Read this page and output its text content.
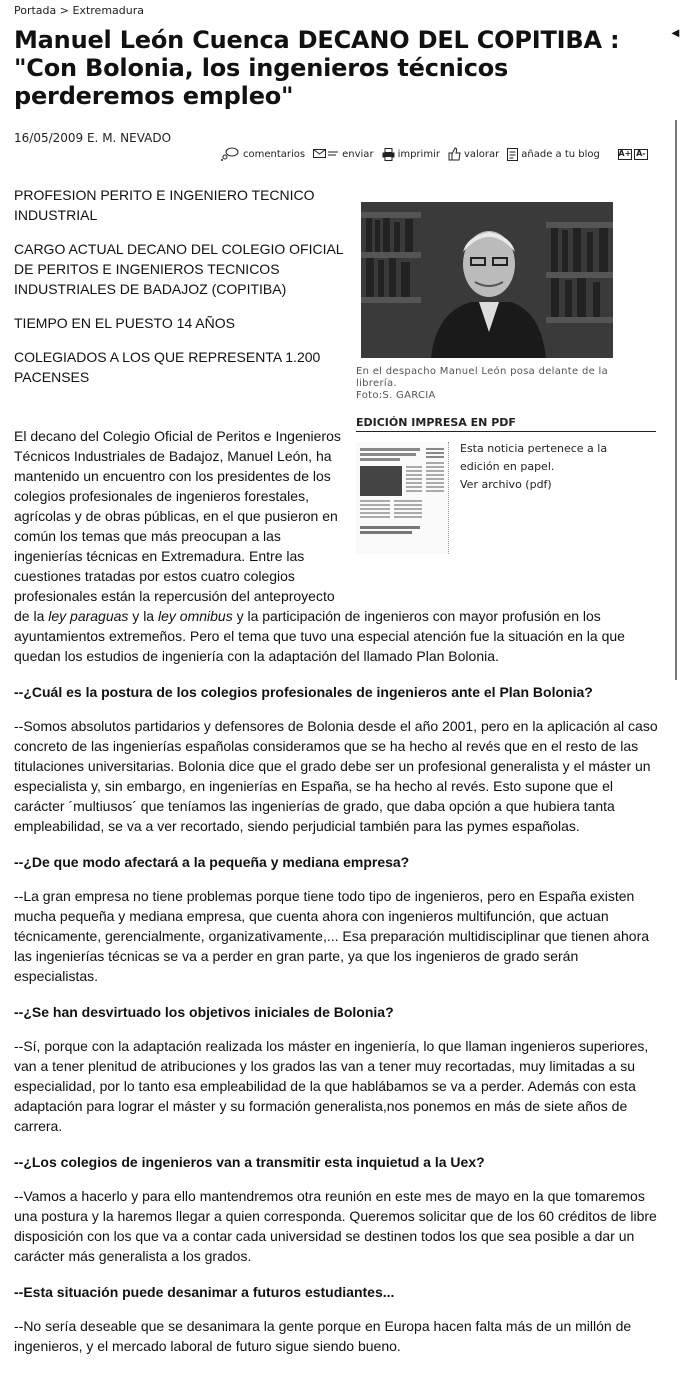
Portada > Extremadura
◂
Manuel León Cuenca DECANO DEL COPITIBA : "Con Bolonia, los ingenieros técnicos perderemos empleo"
16/05/2009 E. M. NEVADO
comentarios	enviar imprimir valorar añade a tu blog A+ A-

PROFESION PERITO E INGENIERO TECNICO INDUSTRIAL

CARGO ACTUAL DECANO DEL COLEGIO OFICIAL DE PERITOS E INGENIEROS TECNICOS INDUSTRIALES DE BADAJOZ (COPITIBA)

TIEMPO EN EL PUESTO 14 AÑOS

COLEGIADOS A LOS QUE REPRESENTA 1.200 PACENSES	En el despacho Manuel León posa delante de la
librería.
Foto:S. GARCIA
EDICIÓN IMPRESA EN PDF
Esta noticia pertenece a la
edición en papel.
Ver archivo (pdf)

El decano del Colegio Oficial de Peritos e Ingenieros Técnicos Industriales de Badajoz, Manuel León, ha mantenido un encuentro con los presidentes de los colegios profesionales de ingenieros forestales, agrícolas y de obras públicas, en el que pusieron en común los temas que más preocupan a las ingenierías técnicas en Extremadura. Entre las cuestiones tratadas por estos cuatro colegios profesionales están la repercusión del anteproyecto de la ley paraguas y la ley omnibus y la participación de ingenieros con mayor profusión en los ayuntamientos extremeños. Pero el tema que tuvo una especial atención fue la situación en la que quedan los estudios de ingeniería con la adaptación del llamado Plan Bolonia.

--¿Cuál es la postura de los colegios profesionales de ingenieros ante el Plan Bolonia?

--Somos absolutos partidarios y defensores de Bolonia desde el año 2001, pero en la aplicación al caso concreto de las ingenierías españolas consideramos que se ha hecho al revés que en el resto de las titulaciones universitarias. Bolonia dice que el grado debe ser un profesional generalista y el máster un especialista y, sin embargo, en ingenierías en España, se ha hecho al revés. Esto supone que el carácter ´multiusos´ que teníamos las ingenierías de grado, que daba opción a que hubiera tanta empleabilidad, se va a ver recortado, siendo perjudicial también para las pymes españolas.

--¿De que modo afectará a la pequeña y mediana empresa?

--La gran empresa no tiene problemas porque tiene todo tipo de ingenieros, pero en España existen mucha pequeña y mediana empresa, que cuenta ahora con ingenieros multifunción, que actuan técnicamente, gerencialmente, organizativamente,... Esa preparación multidisciplinar que tienen ahora las ingenierías técnicas se va a perder en gran parte, ya que los ingenieros de grado serán especialistas.

--¿Se han desvirtuado los objetivos iniciales de Bolonia?

--Sí, porque con la adaptación realizada los máster en ingeniería, lo que llaman ingenieros superiores, van a tener plenitud de atribuciones y los grados las van a tener muy recortadas, muy limitadas a su especialidad, por lo tanto esa empleabilidad de la que hablábamos se va a perder. Además con esta adaptación para lograr el máster y su formación generalista,nos ponemos en más de siete años de carrera.

--¿Los colegios de ingenieros van a transmitir esta inquietud a la Uex?

--Vamos a hacerlo y para ello mantendremos otra reunión en este mes de mayo en la que tomaremos una postura y la haremos llegar a quien corresponda. Queremos solicitar que de los 60 créditos de libre disposición con los que va a contar cada universidad se destinen todos los que sea posible a dar un carácter más generalista a los grados.

--Esta situación puede desanimar a futuros estudiantes...

--No sería deseable que se desanimara la gente porque en Europa hacen falta más de un millón de ingenieros, y el mercado laboral de futuro sigue siendo bueno.
